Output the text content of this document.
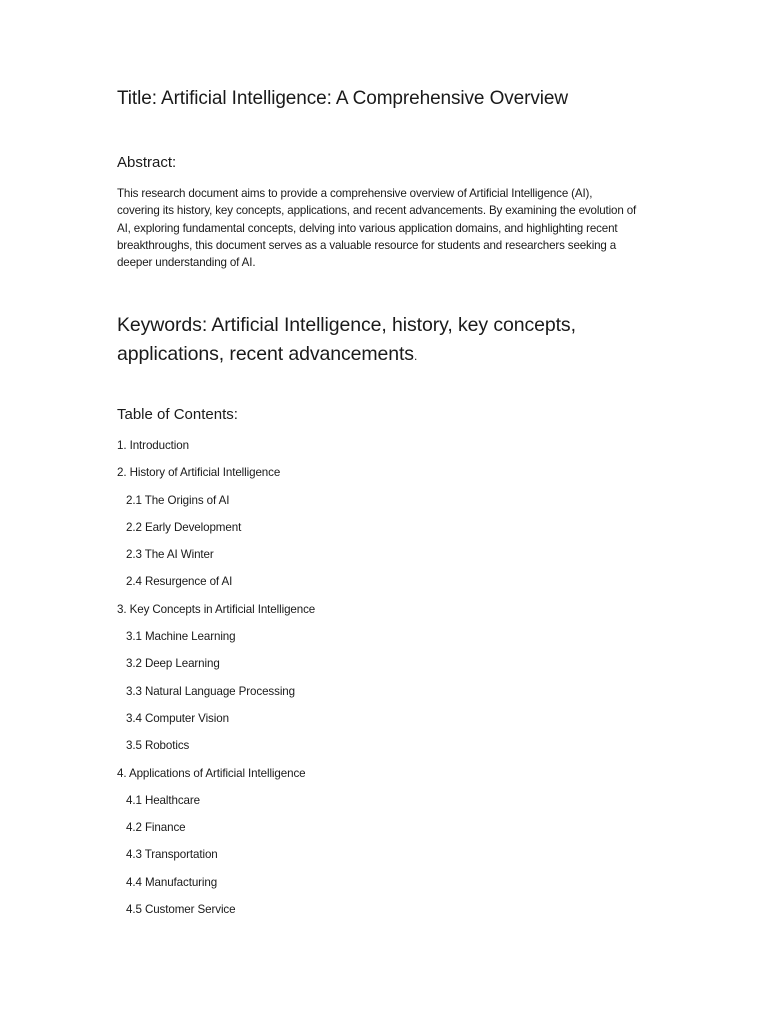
Title: Artificial Intelligence: A Comprehensive Overview
Abstract:
This research document aims to provide a comprehensive overview of Artificial Intelligence (AI), covering its history, key concepts, applications, and recent advancements. By examining the evolution of AI, exploring fundamental concepts, delving into various application domains, and highlighting recent breakthroughs, this document serves as a valuable resource for students and researchers seeking a deeper understanding of AI.
Keywords: Artificial Intelligence, history, key concepts, applications, recent advancements.
Table of Contents:
1. Introduction
2. History of Artificial Intelligence
2.1 The Origins of AI
2.2 Early Development
2.3 The AI Winter
2.4 Resurgence of AI
3. Key Concepts in Artificial Intelligence
3.1 Machine Learning
3.2 Deep Learning
3.3 Natural Language Processing
3.4 Computer Vision
3.5 Robotics
4. Applications of Artificial Intelligence
4.1 Healthcare
4.2 Finance
4.3 Transportation
4.4 Manufacturing
4.5 Customer Service
